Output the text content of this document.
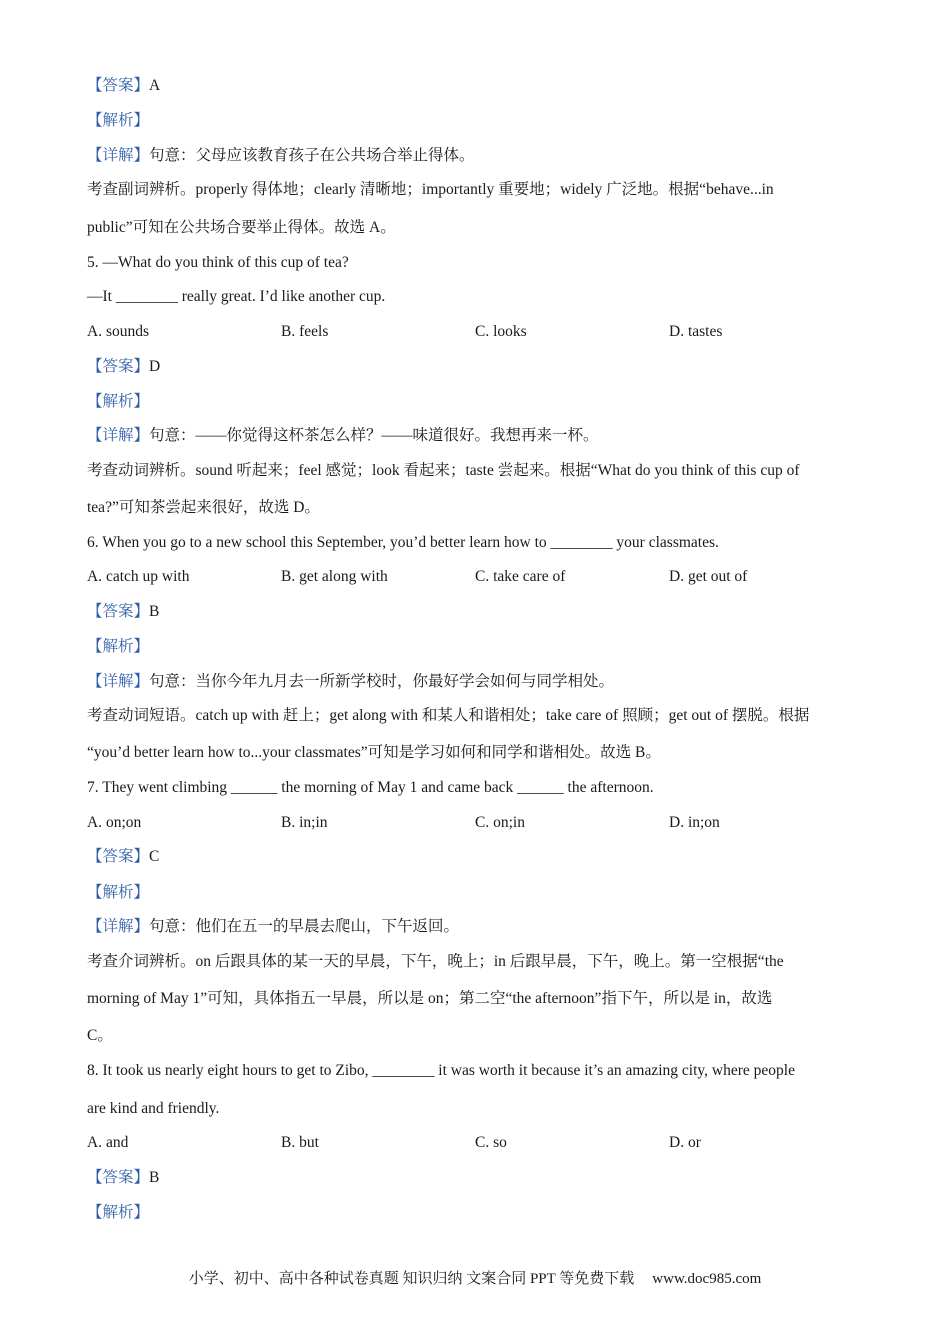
【答案】A
【解析】
【详解】句意：父母应该教育孩子在公共场合举止得体。
考查副词辨析。properly 得体地；clearly 清晰地；importantly 重要地；widely 广泛地。根据“behave...in
public”可知在公共场合要举止得体。故选 A。
5. —What do you think of this cup of tea?
—It ________ really great. I’d like another cup.
A. sounds	B. feels	C. looks	D. tastes
【答案】D
【解析】
【详解】句意：——你觉得这杯茶怎么样？——味道很好。我想再来一杯。
考查动词辨析。sound 听起来；feel 感觉；look 看起来；taste 尝起来。根据“What do you think of this cup of
tea?”可知茶尝起来很好，故选 D。
6. When you go to a new school this September, you’d better learn how to ________ your classmates.
A. catch up with	B. get along with	C. take care of	D. get out of
【答案】B
【解析】
【详解】句意：当你今年九月去一所新学校时，你最好学会如何与同学相处。
考查动词短语。catch up with 赶上；get along with 和某人和谐相处；take care of 照顾；get out of 摆脱。根据
“you’d better learn how to...your classmates”可知是学习如何和同学和谐相处。故选 B。
7. They went climbing ______ the morning of May 1 and came back ______ the afternoon.
A. on;on	B. in;in	C. on;in	D. in;on
【答案】C
【解析】
【详解】句意：他们在五一的早晨去爬山，下午返回。
考查介词辨析。on 后跟具体的某一天的早晨，下午，晚上；in 后跟早晨，下午，晚上。第一空根据“the
morning of May 1”可知，具体指五一早晨，所以是 on；第二空“the afternoon”指下午，所以是 in，故选
C。
8. It took us nearly eight hours to get to Zibo, ________ it was worth it because it’s an amazing city, where people
are kind and friendly.
A. and	B. but	C. so	D. or
【答案】B
【解析】
小学、初中、高中各种试卷真题 知识归纳 文案合同 PPT 等免费下载 www.doc985.com
